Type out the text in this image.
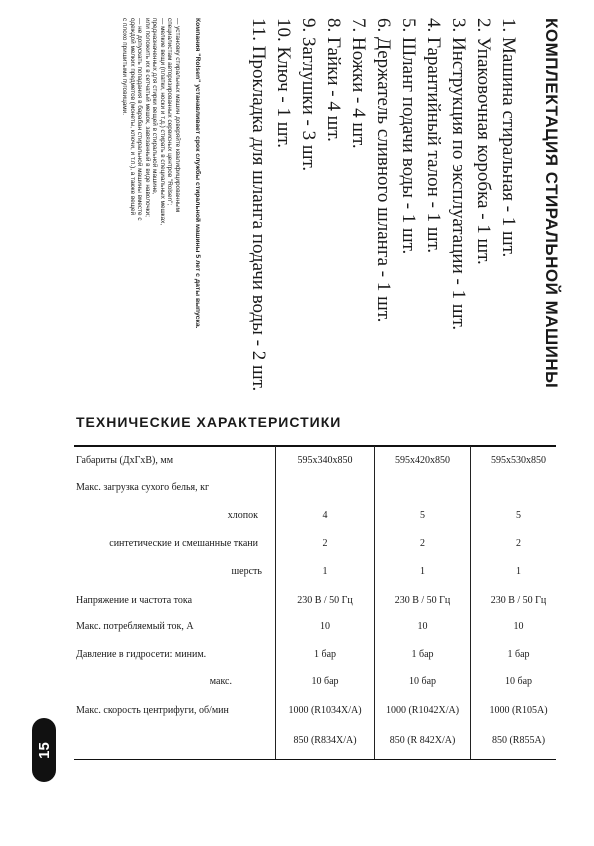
КОМПЛЕКТАЦИЯ СТИРАЛЬНОЙ МАШИНЫ
1. Машина стиральная - 1 шт.
2. Упаковочная коробка - 1 шт.
3. Инструкция по эксплуатации - 1 шт.
4. Гарантийный талон - 1 шт.
5. Шланг подачи воды - 1 шт.
6. Держатель сливного шланга - 1 шт.
7. Ножки - 4 шт.
8. Гайки - 4 шт.
9. Заглушки - 3 шт.
10. Ключ - 1 шт.
11. Прокладка для шланга подачи воды - 2 шт.
Компания "Rolsen" устанавливает срок службы стиральной машины 5 лет с даты выпуска.
— установку стиральных машин доверяйте квалифицированным
специалистам авторизированных сервисных центров "Rolsen";
— мелкие вещи (платки, носки и т.д.) стирать в специальных мешках,
предназначенных для стирки вещей в стиральной машине,
или положить их в сетчатый мешок, завязанный в виде наволочки;
— не допускать попадания в барабан стиральной машины вместе с
одеждой мелких предметов (монеты, ключи, и т.п.), а также вещей
с плохо пришитыми пуговицами.
15
ТЕХНИЧЕСКИЕ ХАРАКТЕРИСТИКИ
Габариты (ДхГхВ), мм	595x340x850	595x420x850	595x530x850
Макс. загрузка сухого белья, кг
хлопок	4	5	5
синтетические и смешанные ткани	2	2	2
шерсть	1	1	1
Напряжение и частота тока	230 В / 50 Гц	230 В / 50 Гц	230 В / 50 Гц
Макс. потребляемый ток, А	10	10	10
Давление в гидросети: миним.	1 бар	1 бар	1 бар
макс.	10 бар	10 бар	10 бар
Макс. скорость центрифуги, об/мин	1000 (R1034X/A)	1000 (R1042X/A)	1000 (R105A)
850 (R834X/A)	850 (R 842X/A)	850 (R855A)
